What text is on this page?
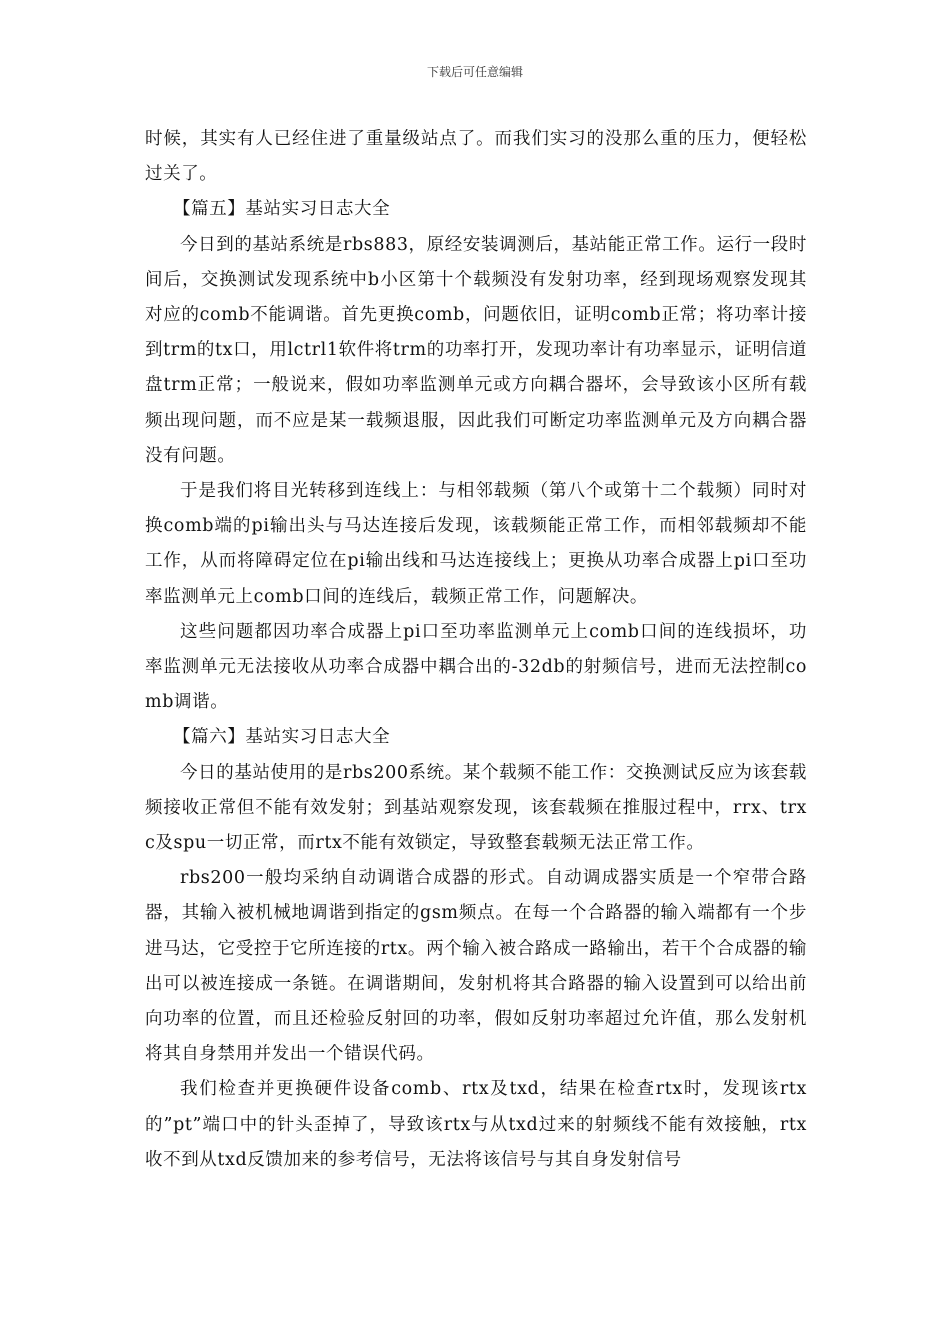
下载后可任意编辑

时候，其实有人已经住进了重量级站点了。而我们实习的没那么重的压力，便轻松过关了。

【篇五】基站实习日志大全

今日到的基站系统是rbs883，原经安装调测后，基站能正常工作。运行一段时间后，交换测试发现系统中b小区第十个载频没有发射功率，经到现场观察发现其对应的comb不能调谐。首先更换comb，问题依旧，证明comb正常；将功率计接到trm的tx口，用lctrl1软件将trm的功率打开，发现功率计有功率显示，证明信道盘trm正常；一般说来，假如功率监测单元或方向耦合器坏，会导致该小区所有载频出现问题，而不应是某一载频退服，因此我们可断定功率监测单元及方向耦合器没有问题。

于是我们将目光转移到连线上：与相邻载频（第八个或第十二个载频）同时对换comb端的pi输出头与马达连接后发现，该载频能正常工作，而相邻载频却不能工作，从而将障碍定位在pi输出线和马达连接线上；更换从功率合成器上pi口至功率监测单元上comb口间的连线后，载频正常工作，问题解决。

这些问题都因功率合成器上pi口至功率监测单元上comb口间的连线损坏，功率监测单元无法接收从功率合成器中耦合出的-32db的射频信号，进而无法控制comb调谐。

【篇六】基站实习日志大全

今日的基站使用的是rbs200系统。某个载频不能工作：交换测试反应为该套载频接收正常但不能有效发射；到基站观察发现，该套载频在推服过程中，rrx、trxc及spu一切正常，而rtx不能有效锁定，导致整套载频无法正常工作。

rbs200一般均采纳自动调谐合成器的形式。自动调成器实质是一个窄带合路器，其输入被机械地调谐到指定的gsm频点。在每一个合路器的输入端都有一个步进马达，它受控于它所连接的rtx。两个输入被合路成一路输出，若干个合成器的输出可以被连接成一条链。在调谐期间，发射机将其合路器的输入设置到可以给出前向功率的位置，而且还检验反射回的功率，假如反射功率超过允许值，那么发射机将其自身禁用并发出一个错误代码。

我们检查并更换硬件设备comb、rtx及txd，结果在检查rtx时，发现该rtx的”pt”端口中的针头歪掉了，导致该rtx与从txd过来的射频线不能有效接触，rtx收不到从txd反馈加来的参考信号，无法将该信号与其自身发射信号
